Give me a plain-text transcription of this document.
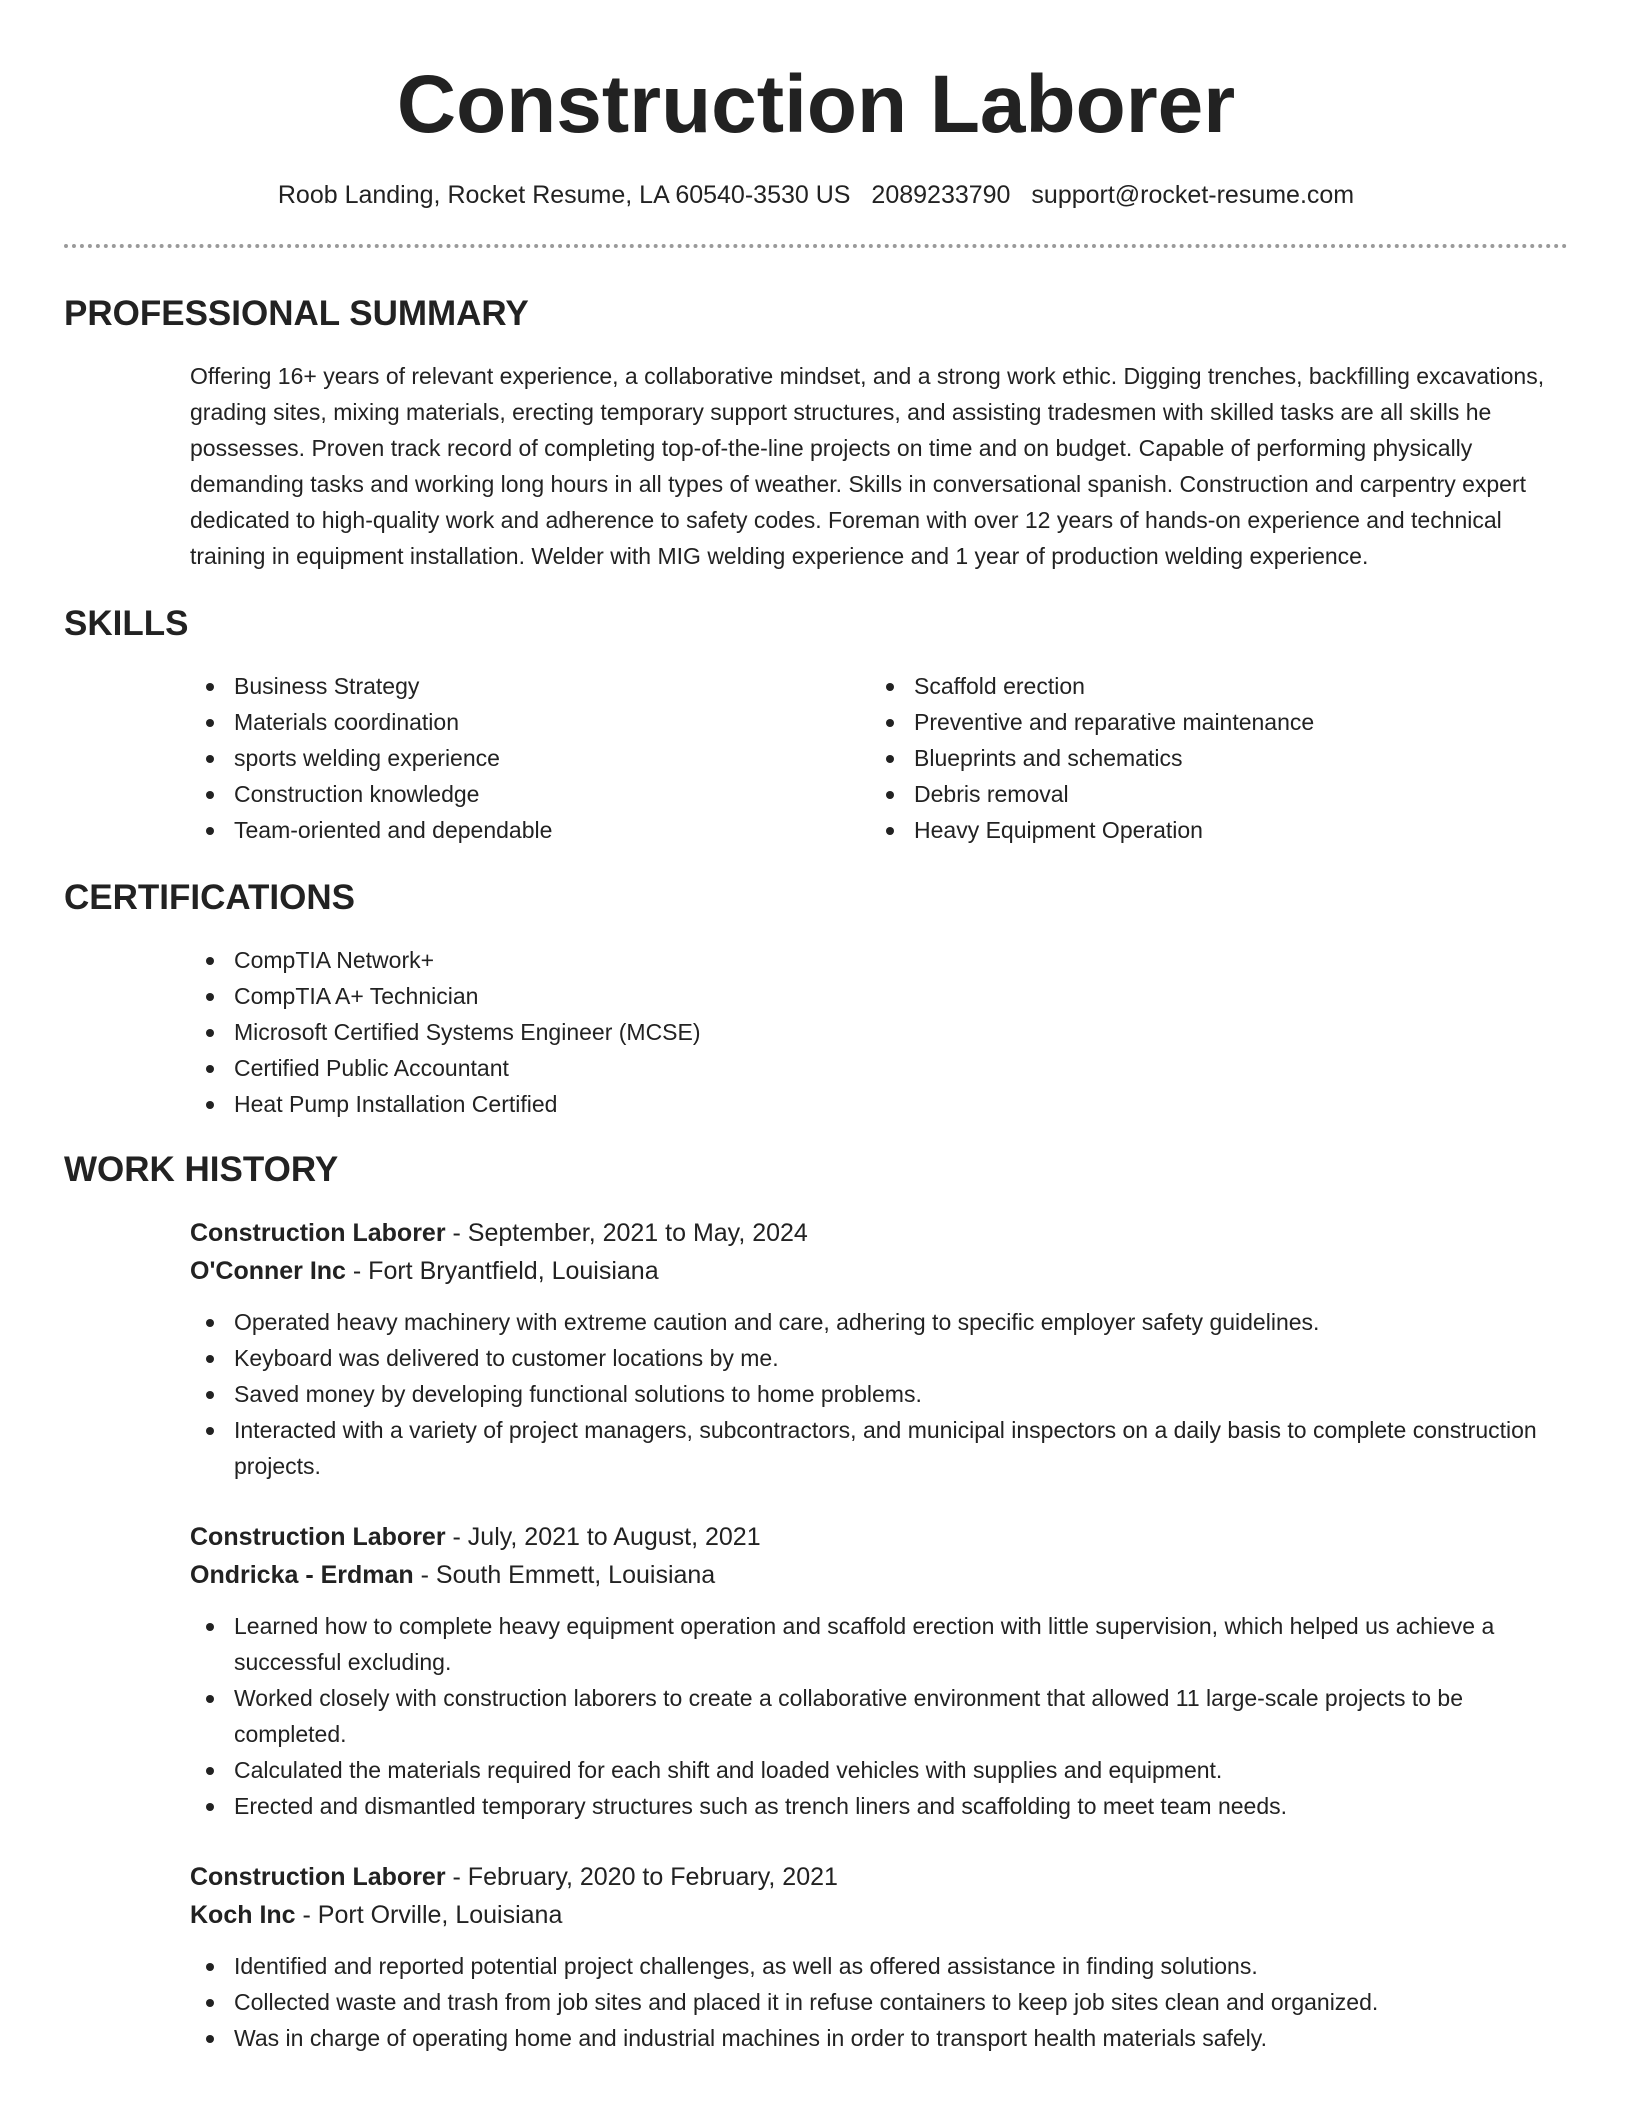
Construction Laborer
Roob Landing, Rocket Resume, LA 60540-3530 US 2089233790 support@rocket-resume.com
PROFESSIONAL SUMMARY
Offering 16+ years of relevant experience, a collaborative mindset, and a strong work ethic. Digging trenches, backfilling excavations, grading sites, mixing materials, erecting temporary support structures, and assisting tradesmen with skilled tasks are all skills he possesses. Proven track record of completing top-of-the-line projects on time and on budget. Capable of performing physically demanding tasks and working long hours in all types of weather. Skills in conversational spanish. Construction and carpentry expert dedicated to high-quality work and adherence to safety codes. Foreman with over 12 years of hands-on experience and technical training in equipment installation. Welder with MIG welding experience and 1 year of production welding experience.
SKILLS
Business Strategy
Materials coordination
sports welding experience
Construction knowledge
Team-oriented and dependable
Scaffold erection
Preventive and reparative maintenance
Blueprints and schematics
Debris removal
Heavy Equipment Operation
CERTIFICATIONS
CompTIA Network+
CompTIA A+ Technician
Microsoft Certified Systems Engineer (MCSE)
Certified Public Accountant
Heat Pump Installation Certified
WORK HISTORY
Construction Laborer - September, 2021 to May, 2024
O'Conner Inc - Fort Bryantfield, Louisiana
Operated heavy machinery with extreme caution and care, adhering to specific employer safety guidelines.
Keyboard was delivered to customer locations by me.
Saved money by developing functional solutions to home problems.
Interacted with a variety of project managers, subcontractors, and municipal inspectors on a daily basis to complete construction projects.
Construction Laborer - July, 2021 to August, 2021
Ondricka - Erdman - South Emmett, Louisiana
Learned how to complete heavy equipment operation and scaffold erection with little supervision, which helped us achieve a successful excluding.
Worked closely with construction laborers to create a collaborative environment that allowed 11 large-scale projects to be completed.
Calculated the materials required for each shift and loaded vehicles with supplies and equipment.
Erected and dismantled temporary structures such as trench liners and scaffolding to meet team needs.
Construction Laborer - February, 2020 to February, 2021
Koch Inc - Port Orville, Louisiana
Identified and reported potential project challenges, as well as offered assistance in finding solutions.
Collected waste and trash from job sites and placed it in refuse containers to keep job sites clean and organized.
Was in charge of operating home and industrial machines in order to transport health materials safely.
